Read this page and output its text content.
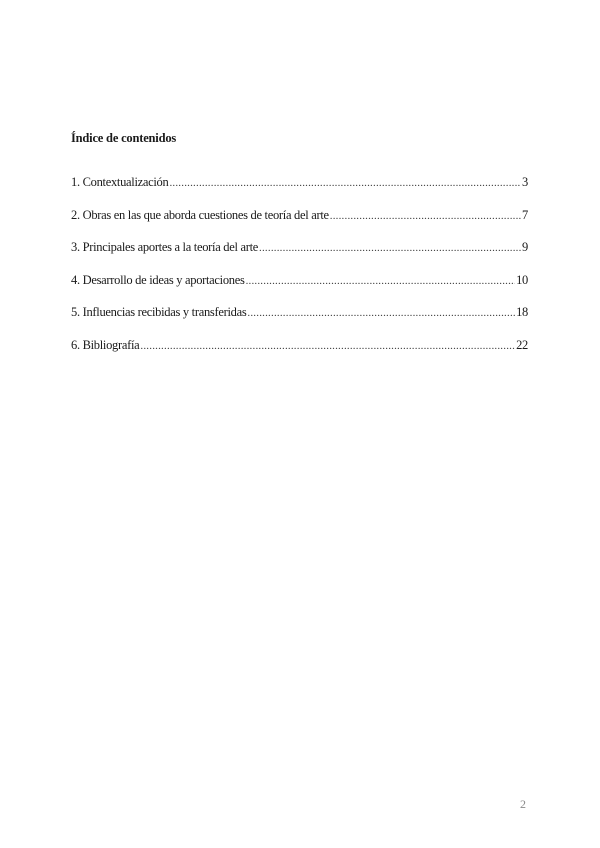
Índice de contenidos
1. Contextualización .....	3
2. Obras en las que aborda cuestiones de teoría del arte .....	7
3. Principales aportes a la teoría del arte .....	9
4. Desarrollo de ideas y aportaciones .....	10
5. Influencias recibidas y transferidas .....	18
6. Bibliografía .....	22
2
